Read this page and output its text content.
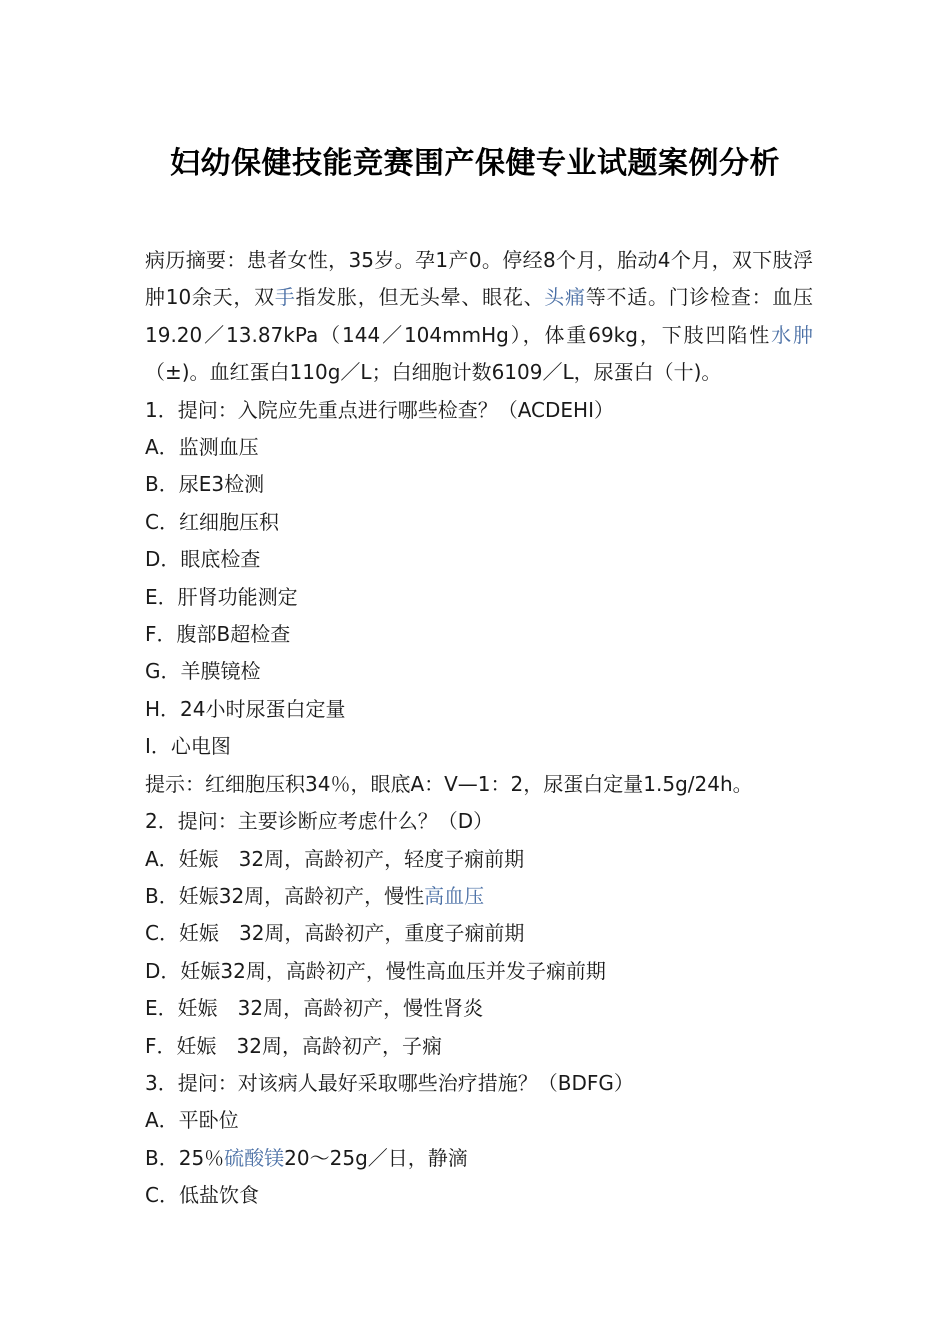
妇幼保健技能竞赛围产保健专业试题案例分析

病历摘要：患者女性，35岁。孕1产0。停经8个月，胎动4个月，双下肢浮肿10余天，双手指发胀，但无头晕、眼花、头痛等不适。门诊检查：血压19.20／13.87kPa（144／104mmHg），体重69kg，下肢凹陷性水肿（±)。血红蛋白110g／L；白细胞计数6109／L，尿蛋白（十)。

1．提问：入院应先重点进行哪些检查？（ACDEHI）

A．监测血压

B．尿E3检测

C．红细胞压积

D．眼底检查

E．肝肾功能测定

F．腹部B超检查

G．羊膜镜检

H．24小时尿蛋白定量

I．心电图

提示：红细胞压积34％，眼底A：V—1：2，尿蛋白定量1.5g/24h。

2．提问：主要诊断应考虑什么？（D）

A．妊娠　32周，高龄初产，轻度子痫前期

B．妊娠32周，高龄初产，慢性高血压

C．妊娠　32周，高龄初产，重度子痫前期

D．妊娠32周，高龄初产，慢性高血压并发子痫前期

E．妊娠　32周，高龄初产，慢性肾炎

F．妊娠　32周，高龄初产，子痫

3．提问：对该病人最好采取哪些治疗措施？（BDFG）

A．平卧位

B．25％硫酸镁20～25g／日，静滴

C．低盐饮食
